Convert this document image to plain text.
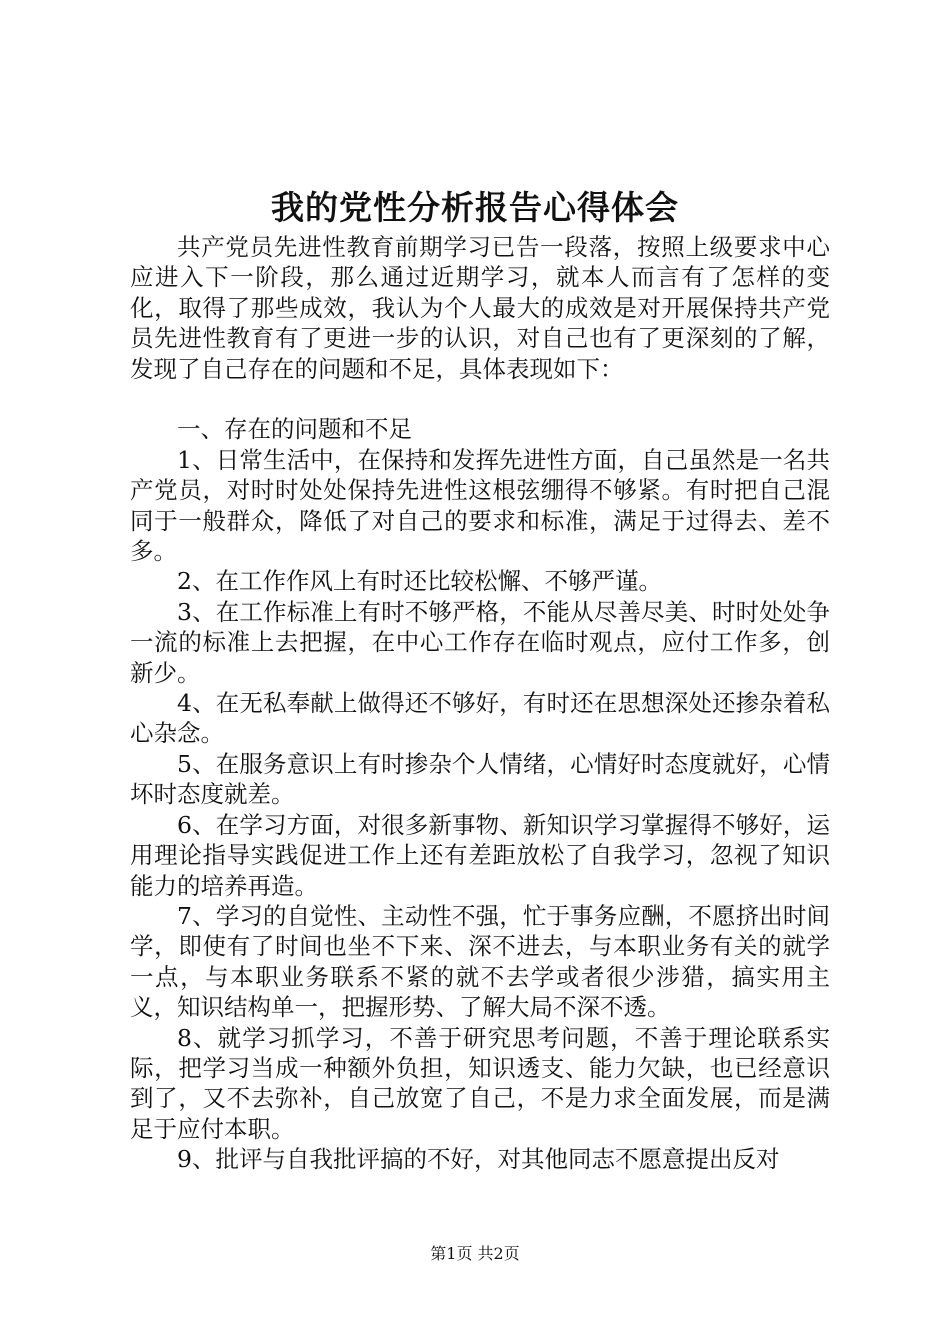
我的党性分析报告心得体会

共产党员先进性教育前期学习已告一段落，按照上级要求中心应进入下一阶段，那么通过近期学习，就本人而言有了怎样的变化，取得了那些成效，我认为个人最大的成效是对开展保持共产党员先进性教育有了更进一步的认识，对自己也有了更深刻的了解，发现了自己存在的问题和不足，具体表现如下：

一、存在的问题和不足

1、日常生活中，在保持和发挥先进性方面，自己虽然是一名共产党员，对时时处处保持先进性这根弦绷得不够紧。有时把自己混同于一般群众，降低了对自己的要求和标准，满足于过得去、差不多。

2、在工作作风上有时还比较松懈、不够严谨。

3、在工作标准上有时不够严格，不能从尽善尽美、时时处处争一流的标准上去把握，在中心工作存在临时观点，应付工作多，创新少。

4、在无私奉献上做得还不够好，有时还在思想深处还掺杂着私心杂念。

5、在服务意识上有时掺杂个人情绪，心情好时态度就好，心情坏时态度就差。

6、在学习方面，对很多新事物、新知识学习掌握得不够好，运用理论指导实践促进工作上还有差距放松了自我学习，忽视了知识能力的培养再造。

7、学习的自觉性、主动性不强，忙于事务应酬，不愿挤出时间学，即使有了时间也坐不下来、深不进去，与本职业务有关的就学一点，与本职业务联系不紧的就不去学或者很少涉猎，搞实用主义，知识结构单一，把握形势、了解大局不深不透。

8、就学习抓学习，不善于研究思考问题，不善于理论联系实际，把学习当成一种额外负担，知识透支、能力欠缺，也已经意识到了，又不去弥补，自己放宽了自己，不是力求全面发展，而是满足于应付本职。

9、批评与自我批评搞的不好，对其他同志不愿意提出反对

第1页 共2页
